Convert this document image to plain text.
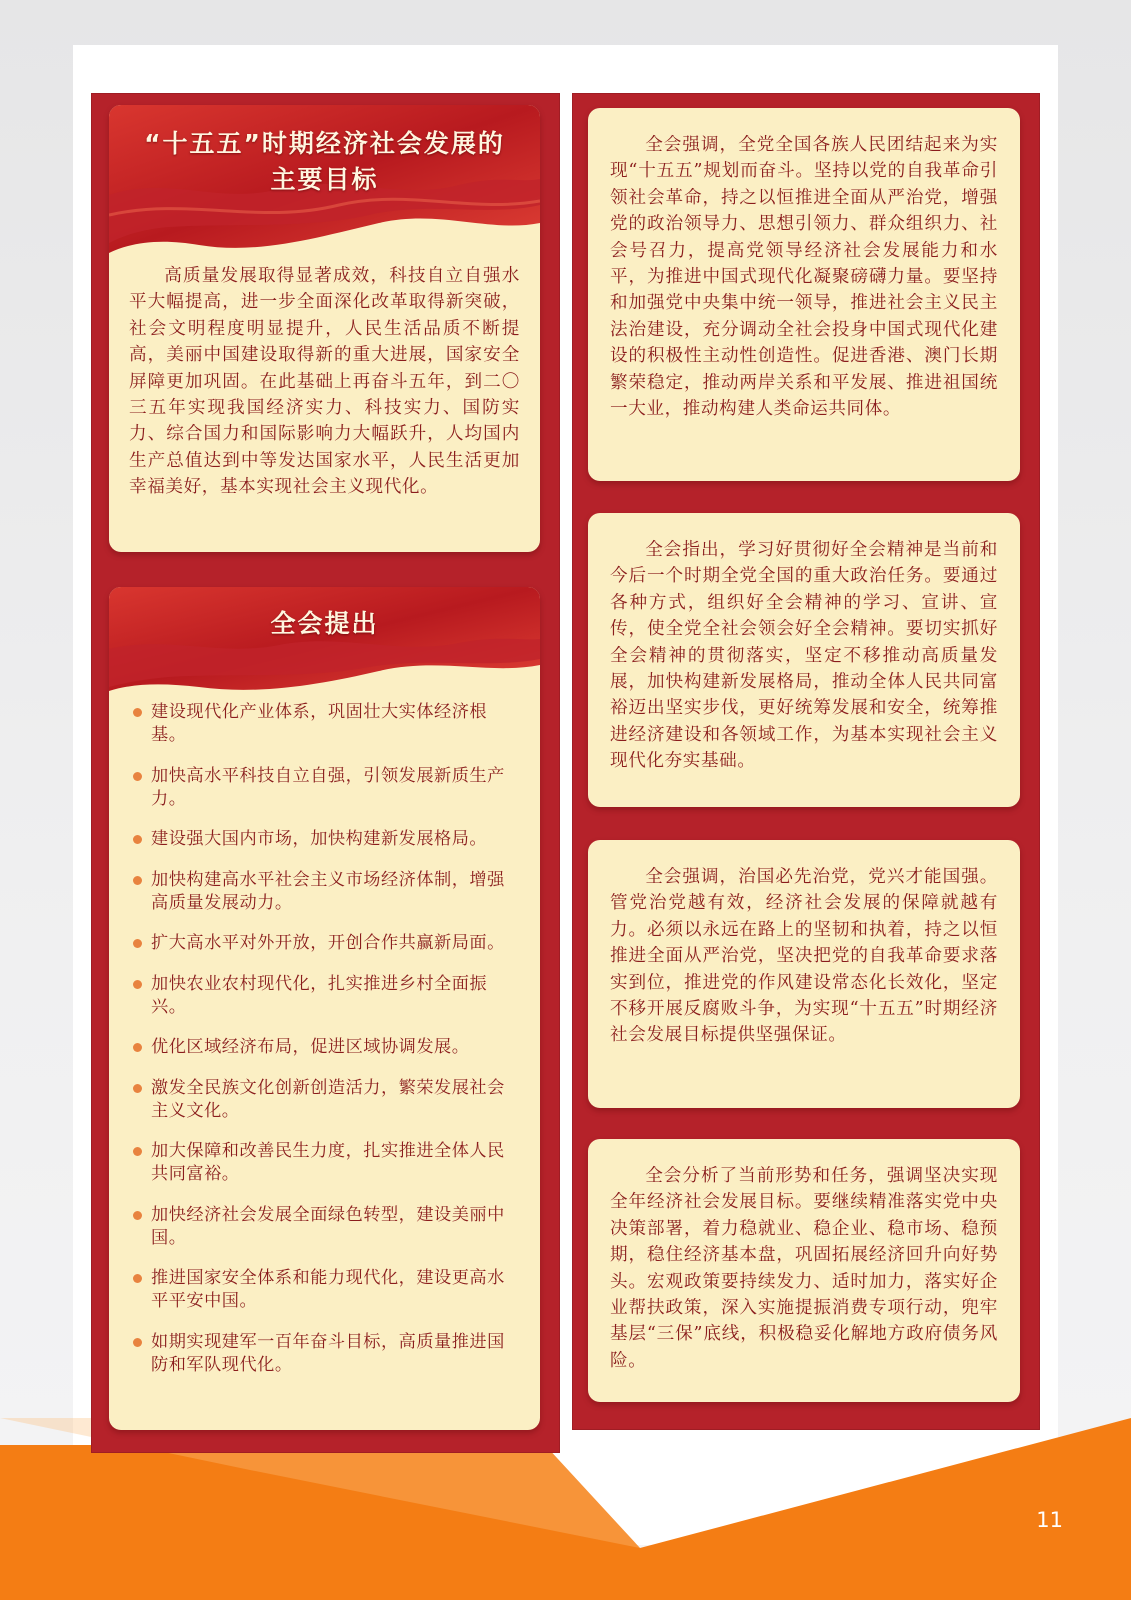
11
“十五五”时期经济社会发展的
主要目标

高质量发展取得显著成效，科技自立自强水平大幅提高，进一步全面深化改革取得新突破，社会文明程度明显提升，人民生活品质不断提高，美丽中国建设取得新的重大进展，国家安全屏障更加巩固。在此基础上再奋斗五年，到二〇三五年实现我国经济实力、科技实力、国防实力、综合国力和国际影响力大幅跃升，人均国内生产总值达到中等发达国家水平，人民生活更加幸福美好，基本实现社会主义现代化。

全会提出
建设现代化产业体系，巩固壮大实体经济根基。
加快高水平科技自立自强，引领发展新质生产力。
建设强大国内市场，加快构建新发展格局。
加快构建高水平社会主义市场经济体制，增强高质量发展动力。
扩大高水平对外开放，开创合作共赢新局面。
加快农业农村现代化，扎实推进乡村全面振兴。
优化区域经济布局，促进区域协调发展。
激发全民族文化创新创造活力，繁荣发展社会主义文化。
加大保障和改善民生力度，扎实推进全体人民共同富裕。
加快经济社会发展全面绿色转型，建设美丽中国。
推进国家安全体系和能力现代化，建设更高水平平安中国。
如期实现建军一百年奋斗目标，高质量推进国防和军队现代化。

全会强调，全党全国各族人民团结起来为实现“十五五”规划而奋斗。坚持以党的自我革命引领社会革命，持之以恒推进全面从严治党，增强党的政治领导力、思想引领力、群众组织力、社会号召力，提高党领导经济社会发展能力和水平，为推进中国式现代化凝聚磅礴力量。要坚持和加强党中央集中统一领导，推进社会主义民主法治建设，充分调动全社会投身中国式现代化建设的积极性主动性创造性。促进香港、澳门长期繁荣稳定，推动两岸关系和平发展、推进祖国统一大业，推动构建人类命运共同体。

全会指出，学习好贯彻好全会精神是当前和今后一个时期全党全国的重大政治任务。要通过各种方式，组织好全会精神的学习、宣讲、宣传，使全党全社会领会好全会精神。要切实抓好全会精神的贯彻落实，坚定不移推动高质量发展，加快构建新发展格局，推动全体人民共同富裕迈出坚实步伐，更好统筹发展和安全，统筹推进经济建设和各领域工作，为基本实现社会主义现代化夯实基础。

全会强调，治国必先治党，党兴才能国强。管党治党越有效，经济社会发展的保障就越有力。必须以永远在路上的坚韧和执着，持之以恒推进全面从严治党，坚决把党的自我革命要求落实到位，推进党的作风建设常态化长效化，坚定不移开展反腐败斗争，为实现“十五五”时期经济社会发展目标提供坚强保证。

全会分析了当前形势和任务，强调坚决实现全年经济社会发展目标。要继续精准落实党中央决策部署，着力稳就业、稳企业、稳市场、稳预期，稳住经济基本盘，巩固拓展经济回升向好势头。宏观政策要持续发力、适时加力，落实好企业帮扶政策，深入实施提振消费专项行动，兜牢基层“三保”底线，积极稳妥化解地方政府债务风险。
